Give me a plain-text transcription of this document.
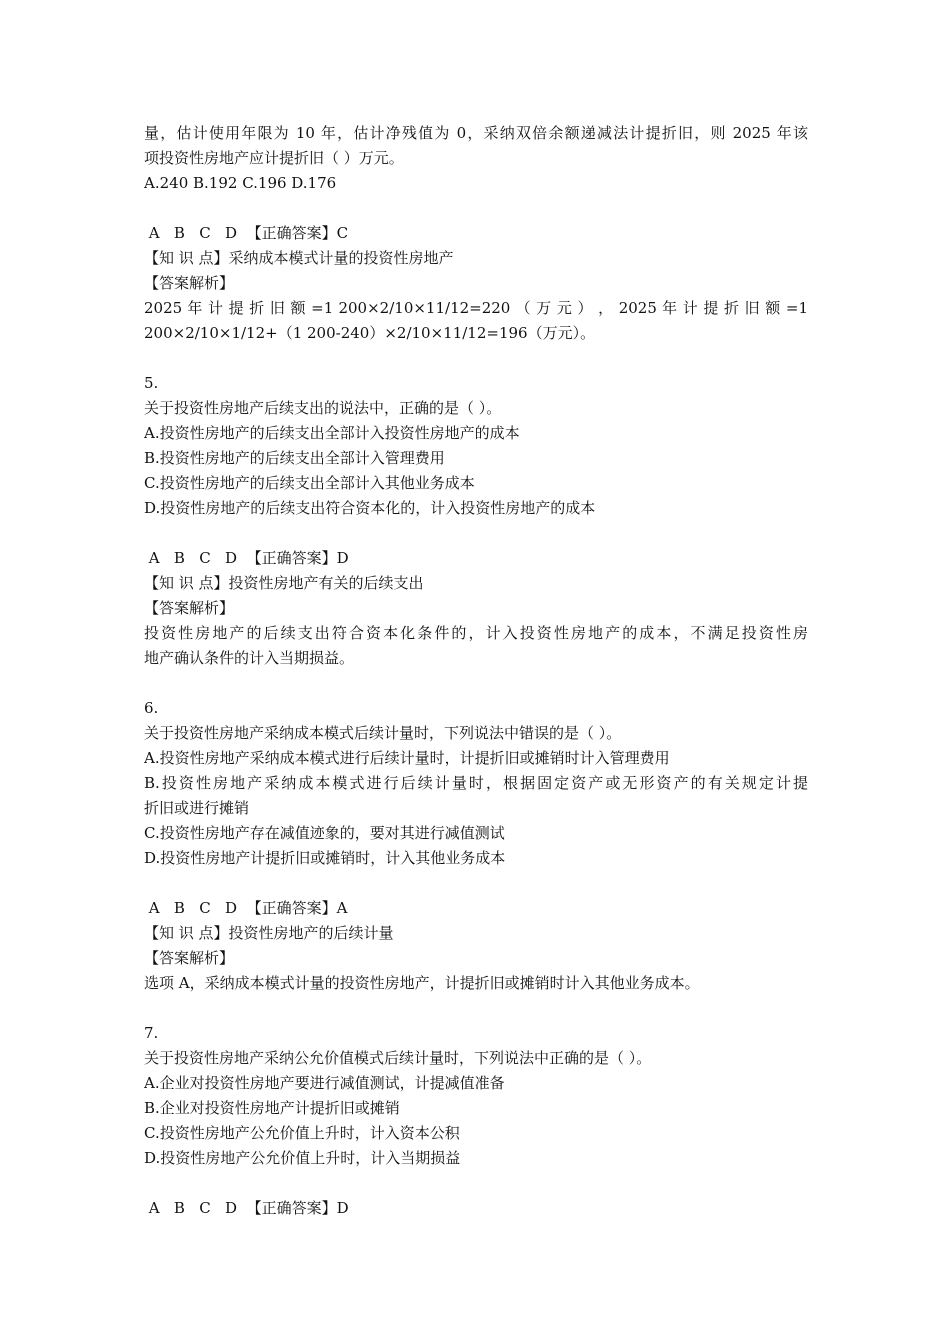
量，估计使用年限为 10 年，估计净残值为 0，采纳双倍余额递减法计提折旧，则 2025 年该
项投资性房地产应计提折旧（ ）万元。
A.240 B.192 C.196 D.176
A   B   C   D  【正确答案】C
【知 识 点】采纳成本模式计量的投资性房地产
【答案解析】
2025 年 计 提 折 旧 额 =1 200×2/10×11/12=220 （ 万 元 ） ， 2025 年 计 提 折 旧 额 =1
200×2/10×1/12+（1 200-240）×2/10×11/12=196（万元）。
5.
关于投资性房地产后续支出的说法中，正确的是（ ）。
A.投资性房地产的后续支出全部计入投资性房地产的成本
B.投资性房地产的后续支出全部计入管理费用
C.投资性房地产的后续支出全部计入其他业务成本
D.投资性房地产的后续支出符合资本化的，计入投资性房地产的成本
A   B   C   D  【正确答案】D
【知 识 点】投资性房地产有关的后续支出
【答案解析】
投资性房地产的后续支出符合资本化条件的，计入投资性房地产的成本，不满足投资性房
地产确认条件的计入当期损益。
6.
关于投资性房地产采纳成本模式后续计量时，下列说法中错误的是（ ）。
A.投资性房地产采纳成本模式进行后续计量时，计提折旧或摊销时计入管理费用
B.投资性房地产采纳成本模式进行后续计量时，根据固定资产或无形资产的有关规定计提
折旧或进行摊销
C.投资性房地产存在减值迹象的，要对其进行减值测试
D.投资性房地产计提折旧或摊销时，计入其他业务成本
A   B   C   D  【正确答案】A
【知 识 点】投资性房地产的后续计量
【答案解析】
选项 A，采纳成本模式计量的投资性房地产，计提折旧或摊销时计入其他业务成本。
7.
关于投资性房地产采纳公允价值模式后续计量时，下列说法中正确的是（ ）。
A.企业对投资性房地产要进行减值测试，计提减值准备
B.企业对投资性房地产计提折旧或摊销
C.投资性房地产公允价值上升时，计入资本公积
D.投资性房地产公允价值上升时，计入当期损益
A   B   C   D  【正确答案】D
